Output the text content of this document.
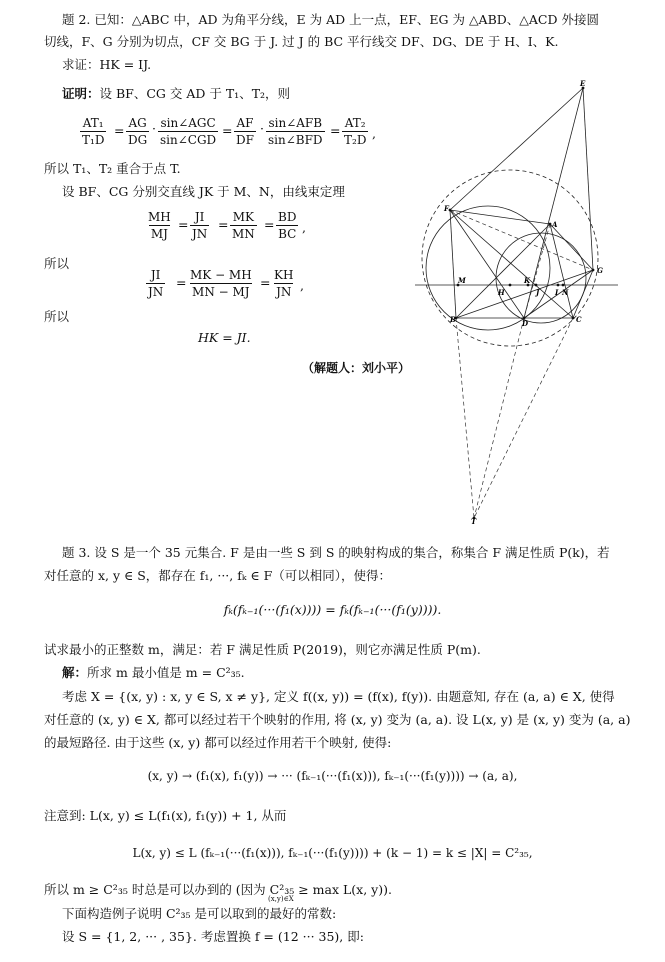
题 2. 已知：△ABC 中，AD 为角平分线，E 为 AD 上一点，EF、EG 为 △ABD、△ACD 外接圆
切线，F、G 分别为切点，CF 交 BG 于 J. 过 J 的 BC 平行线交 DF、DG、DE 于 H、I、K.
求证：HK = IJ.
证明：设 BF、CG 交 AD 于 T₁、T₂，则
$\frac{\text{AT₁}}{\text{T₁D}} = \frac{AG}{DG}$ · sin∠AGC
sin∠CGD
= $\frac{AF}{DF}$ · sin∠AFB
sin∠BFD
= $\frac{\text{AT₂}}{\text{T₂D}}$ ,
所以 T₁、T₂ 重合于点 T.
设 BF、CG 分别交直线 JK 于 M、N，由线束定理
$\frac{MH}{MJ} = \frac{JI}{JN} = \frac{MK}{MN} = \frac{BD}{BC}$ ,
所以
$\frac{JI}{JN} = \frac{MK - MH}{MN - MJ} = \frac{KH}{JN}$ ,
所以
HK = JI.
（解题人：刘小平）
E
F
A
G
M	K
J I N
H
B	D	C
T
题 3. 设 S 是一个 35 元集合. F 是由一些 S 到 S 的映射构成的集合，称集合 F 满足性质 P(k)，若
对任意的 x, y ∈ S，都存在 f₁, ···, fₖ ∈ F（可以相同），使得：
fₖ(fₖ₋₁(···(f₁(x)))) = fₖ(fₖ₋₁(···(f₁(y)))).
试求最小的正整数 m，满足：若 F 满足性质 P(2019)，则它亦满足性质 P(m).
解：所求 m 最小值是 m = C²₃₅.
考虑 X = {(x, y) : x, y ∈ S, x ≠ y}, 定义 f((x, y)) = (f(x), f(y)). 由题意知, 存在 (a, a) ∈ X, 使得
对任意的 (x, y) ∈ X, 都可以经过若干个映射的作用, 将 (x, y) 变为 (a, a). 设 L(x, y) 是 (x, y) 变为 (a, a)
的最短路径. 由于这些 (x, y) 都可以经过作用若干个映射, 使得:
(x, y) → (f₁(x), f₁(y)) → ··· (fₖ₋₁(···(f₁(x))), fₖ₋₁(···(f₁(y)))) → (a, a),
注意到: L(x, y) ≤ L(f₁(x), f₁(y)) + 1, 从而
L(x, y) ≤ L (fₖ₋₁(···(f₁(x))), fₖ₋₁(···(f₁(y)))) + (k − 1) = k ≤ |X| = C²₃₅,
所以 m ≥ C²₃₅ 时总是可以办到的 (因为 C²₃₅ ≥ max L(x, y)).
(x,y)∈X
下面构造例子说明 C²₃₅ 是可以取到的最好的常数:
设 S = {1, 2, ··· , 35}. 考虑置换 f = (12 ··· 35), 即:
